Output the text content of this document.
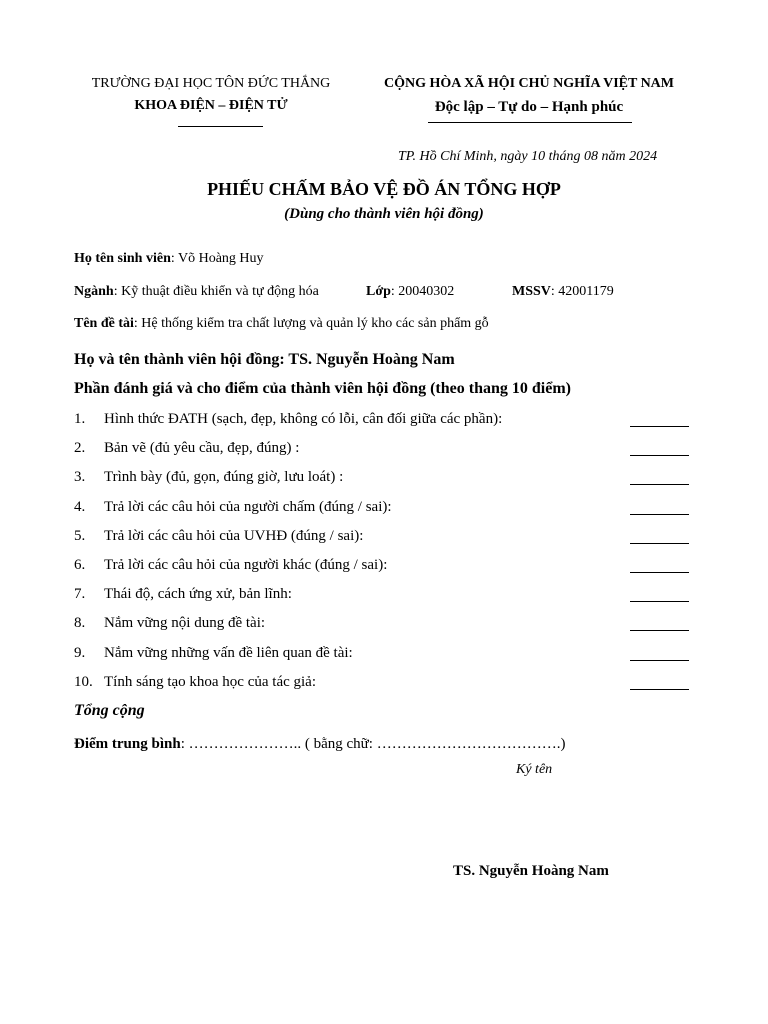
TRƯỜNG ĐẠI HỌC TÔN ĐỨC THẮNG
KHOA ĐIỆN – ĐIỆN TỬ
CỘNG HÒA XÃ HỘI CHỦ NGHĨA VIỆT NAM
Độc lập – Tự do – Hạnh phúc
TP. Hồ Chí Minh, ngày 10 tháng 08 năm 2024
PHIẾU CHẤM BẢO VỆ ĐỒ ÁN TỔNG HỢP
(Dùng cho thành viên hội đồng)
Họ tên sinh viên: Võ Hoàng Huy
Ngành: Kỹ thuật điều khiển và tự động hóa	Lớp: 20040302	MSSV: 42001179
Tên đề tài: Hệ thống kiểm tra chất lượng và quản lý kho các sản phẩm gỗ
Họ và tên thành viên hội đồng: TS. Nguyễn Hoàng Nam
Phần đánh giá và cho điểm của thành viên hội đồng (theo thang 10 điểm)
1. Hình thức ĐATH (sạch, đẹp, không có lỗi, cân đối giữa các phần):
2. Bản vẽ (đủ yêu cầu, đẹp, đúng) :
3. Trình bày (đủ, gọn, đúng giờ, lưu loát) :
4. Trả lời các câu hỏi của người chấm (đúng / sai):
5. Trả lời các câu hỏi của UVHĐ (đúng / sai):
6. Trả lời các câu hỏi của người khác (đúng / sai):
7. Thái độ, cách ứng xử, bản lĩnh:
8. Nắm vững nội dung đề tài:
9. Nắm vững những vấn đề liên quan đề tài:
10. Tính sáng tạo khoa học của tác giả:
Tổng cộng
Điểm trung bình: ………………….. ( bằng chữ: ……………………………….)
Ký tên
TS. Nguyễn Hoàng Nam
